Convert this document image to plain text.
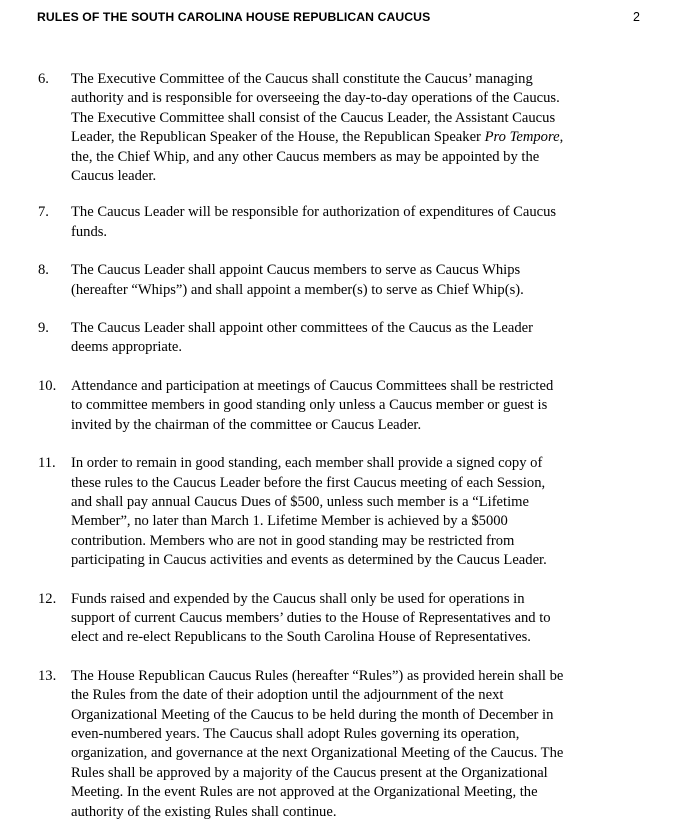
RULES OF THE SOUTH CAROLINA HOUSE REPUBLICAN CAUCUS	2
6. The Executive Committee of the Caucus shall constitute the Caucus’ managing
authority and is responsible for overseeing the day-to-day operations of the Caucus.
The Executive Committee shall consist of the Caucus Leader, the Assistant Caucus
Leader, the Republican Speaker of the House, the Republican Speaker Pro Tempore,
the, the Chief Whip, and any other Caucus members as may be appointed by the
Caucus leader.
7. The Caucus Leader will be responsible for authorization of expenditures of Caucus
funds.
8. The Caucus Leader shall appoint Caucus members to serve as Caucus Whips
(hereafter “Whips”) and shall appoint a member(s) to serve as Chief Whip(s).
9. The Caucus Leader shall appoint other committees of the Caucus as the Leader
deems appropriate.
10. Attendance and participation at meetings of Caucus Committees shall be restricted
to committee members in good standing only unless a Caucus member or guest is
invited by the chairman of the committee or Caucus Leader.
11. In order to remain in good standing, each member shall provide a signed copy of
these rules to the Caucus Leader before the first Caucus meeting of each Session,
and shall pay annual Caucus Dues of $500, unless such member is a “Lifetime
Member”, no later than March 1. Lifetime Member is achieved by a $5000
contribution. Members who are not in good standing may be restricted from
participating in Caucus activities and events as determined by the Caucus Leader.
12. Funds raised and expended by the Caucus shall only be used for operations in
support of current Caucus members’ duties to the House of Representatives and to
elect and re-elect Republicans to the South Carolina House of Representatives.
13. The House Republican Caucus Rules (hereafter “Rules”) as provided herein shall be
the Rules from the date of their adoption until the adjournment of the next
Organizational Meeting of the Caucus to be held during the month of December in
even-numbered years. The Caucus shall adopt Rules governing its operation,
organization, and governance at the next Organizational Meeting of the Caucus. The
Rules shall be approved by a majority of the Caucus present at the Organizational
Meeting. In the event Rules are not approved at the Organizational Meeting, the
authority of the existing Rules shall continue.
